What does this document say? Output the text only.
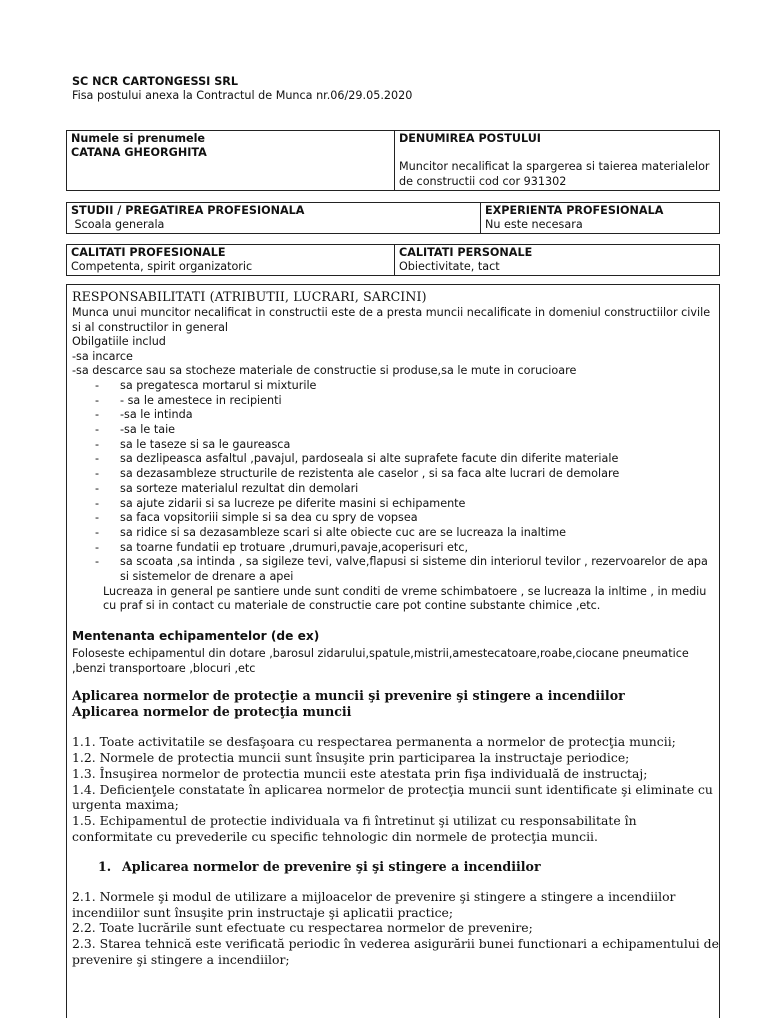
SC NCR CARTONGESSI SRL
Fisa postului anexa la Contractul de Munca nr.06/29.05.2020
Numele si prenumele
CATANA GHEORGHITA

DENUMIREA POSTULUI
Muncitor necalificat la spargerea si taierea materialelor de constructii cod cor 931302
STUDII / PREGATIREA PROFESIONALA
Scoala generala

EXPERIENTA PROFESIONALA
Nu este necesara
CALITATI PROFESIONALE
Competenta, spirit organizatoric

CALITATI PERSONALE
Obiectivitate, tact
RESPONSABILITATI (ATRIBUTII, LUCRARI, SARCINI)
Munca unui muncitor necalificat in constructii este de a presta muncii necalificate in domeniul constructiilor civile si al constructilor in general
Obilgatiile includ
-sa incarce
-sa descarce sau sa stocheze materiale de constructie si produse,sa le mute in corucioare
- sa pregatesca mortarul si mixturile
- - sa le amestece in recipienti
- -sa le intinda
- -sa le taie
- sa le taseze si sa le gaureasca
- sa dezlipeasca asfaltul ,pavajul, pardoseala si alte suprafete facute din diferite materiale
- sa dezasambleze structurile de rezistenta ale caselor , si sa faca alte lucrari de demolare
- sa sorteze materialul rezultat din demolari
- sa ajute zidarii si sa lucreze pe diferite masini si echipamente
- sa faca vopsitoriii simple si sa dea cu spry de vopsea
- sa ridice si sa dezasambleze scari si alte obiecte cuc are se lucreaza la inaltime
- sa toarne fundatii ep trotuare ,drumuri,pavaje,acoperisuri etc,
- sa scoata ,sa intinda , sa sigileze tevi, valve,flapusi si sisteme din interiorul tevilor , rezervoarelor de apa si sistemelor de drenare a apei
Lucreaza in general pe santiere unde sunt conditi de vreme schimbatoere , se lucreaza la inltime , in mediu cu praf si in contact cu materiale de constructie care pot contine substante chimice ,etc.
Mentenanta echipamentelor (de ex)
Foloseste echipamentul din dotare ,barosul zidarului,spatule,mistrii,amestecatoare,roabe,ciocane pneumatice ,benzi transportoare ,blocuri ,etc
Aplicarea normelor de protecţie a muncii şi prevenire şi stingere a incendiilor
Aplicarea normelor de protecţia muncii
1.1. Toate activitatile se desfaşoara cu respectarea permanenta a normelor de protecţia muncii;
1.2. Normele de protectia muncii sunt însuşite prin participarea la instructaje periodice;
1.3. Însuşirea normelor de protectia muncii este atestata prin fişa individuală de instructaj;
1.4. Deficienţele constatate în aplicarea normelor de protecţia muncii sunt identificate şi eliminate cu urgenta maxima;
1.5. Echipamentul de protectie individuala va fi întretinut şi utilizat cu responsabilitate în conformitate cu prevederile cu specific tehnologic din normele de protecţia muncii.
1. Aplicarea normelor de prevenire şi şi stingere a incendiilor
2.1. Normele şi modul de utilizare a mijloacelor de prevenire şi stingere a stingere a incendiilor incendiilor sunt însuşite prin instructaje şi aplicatii practice;
2.2. Toate lucrările sunt efectuate cu respectarea normelor de prevenire;
2.3. Starea tehnică este verificată periodic în vederea asigurării bunei functionari a echipamentului de prevenire şi stingere a incendiilor;
